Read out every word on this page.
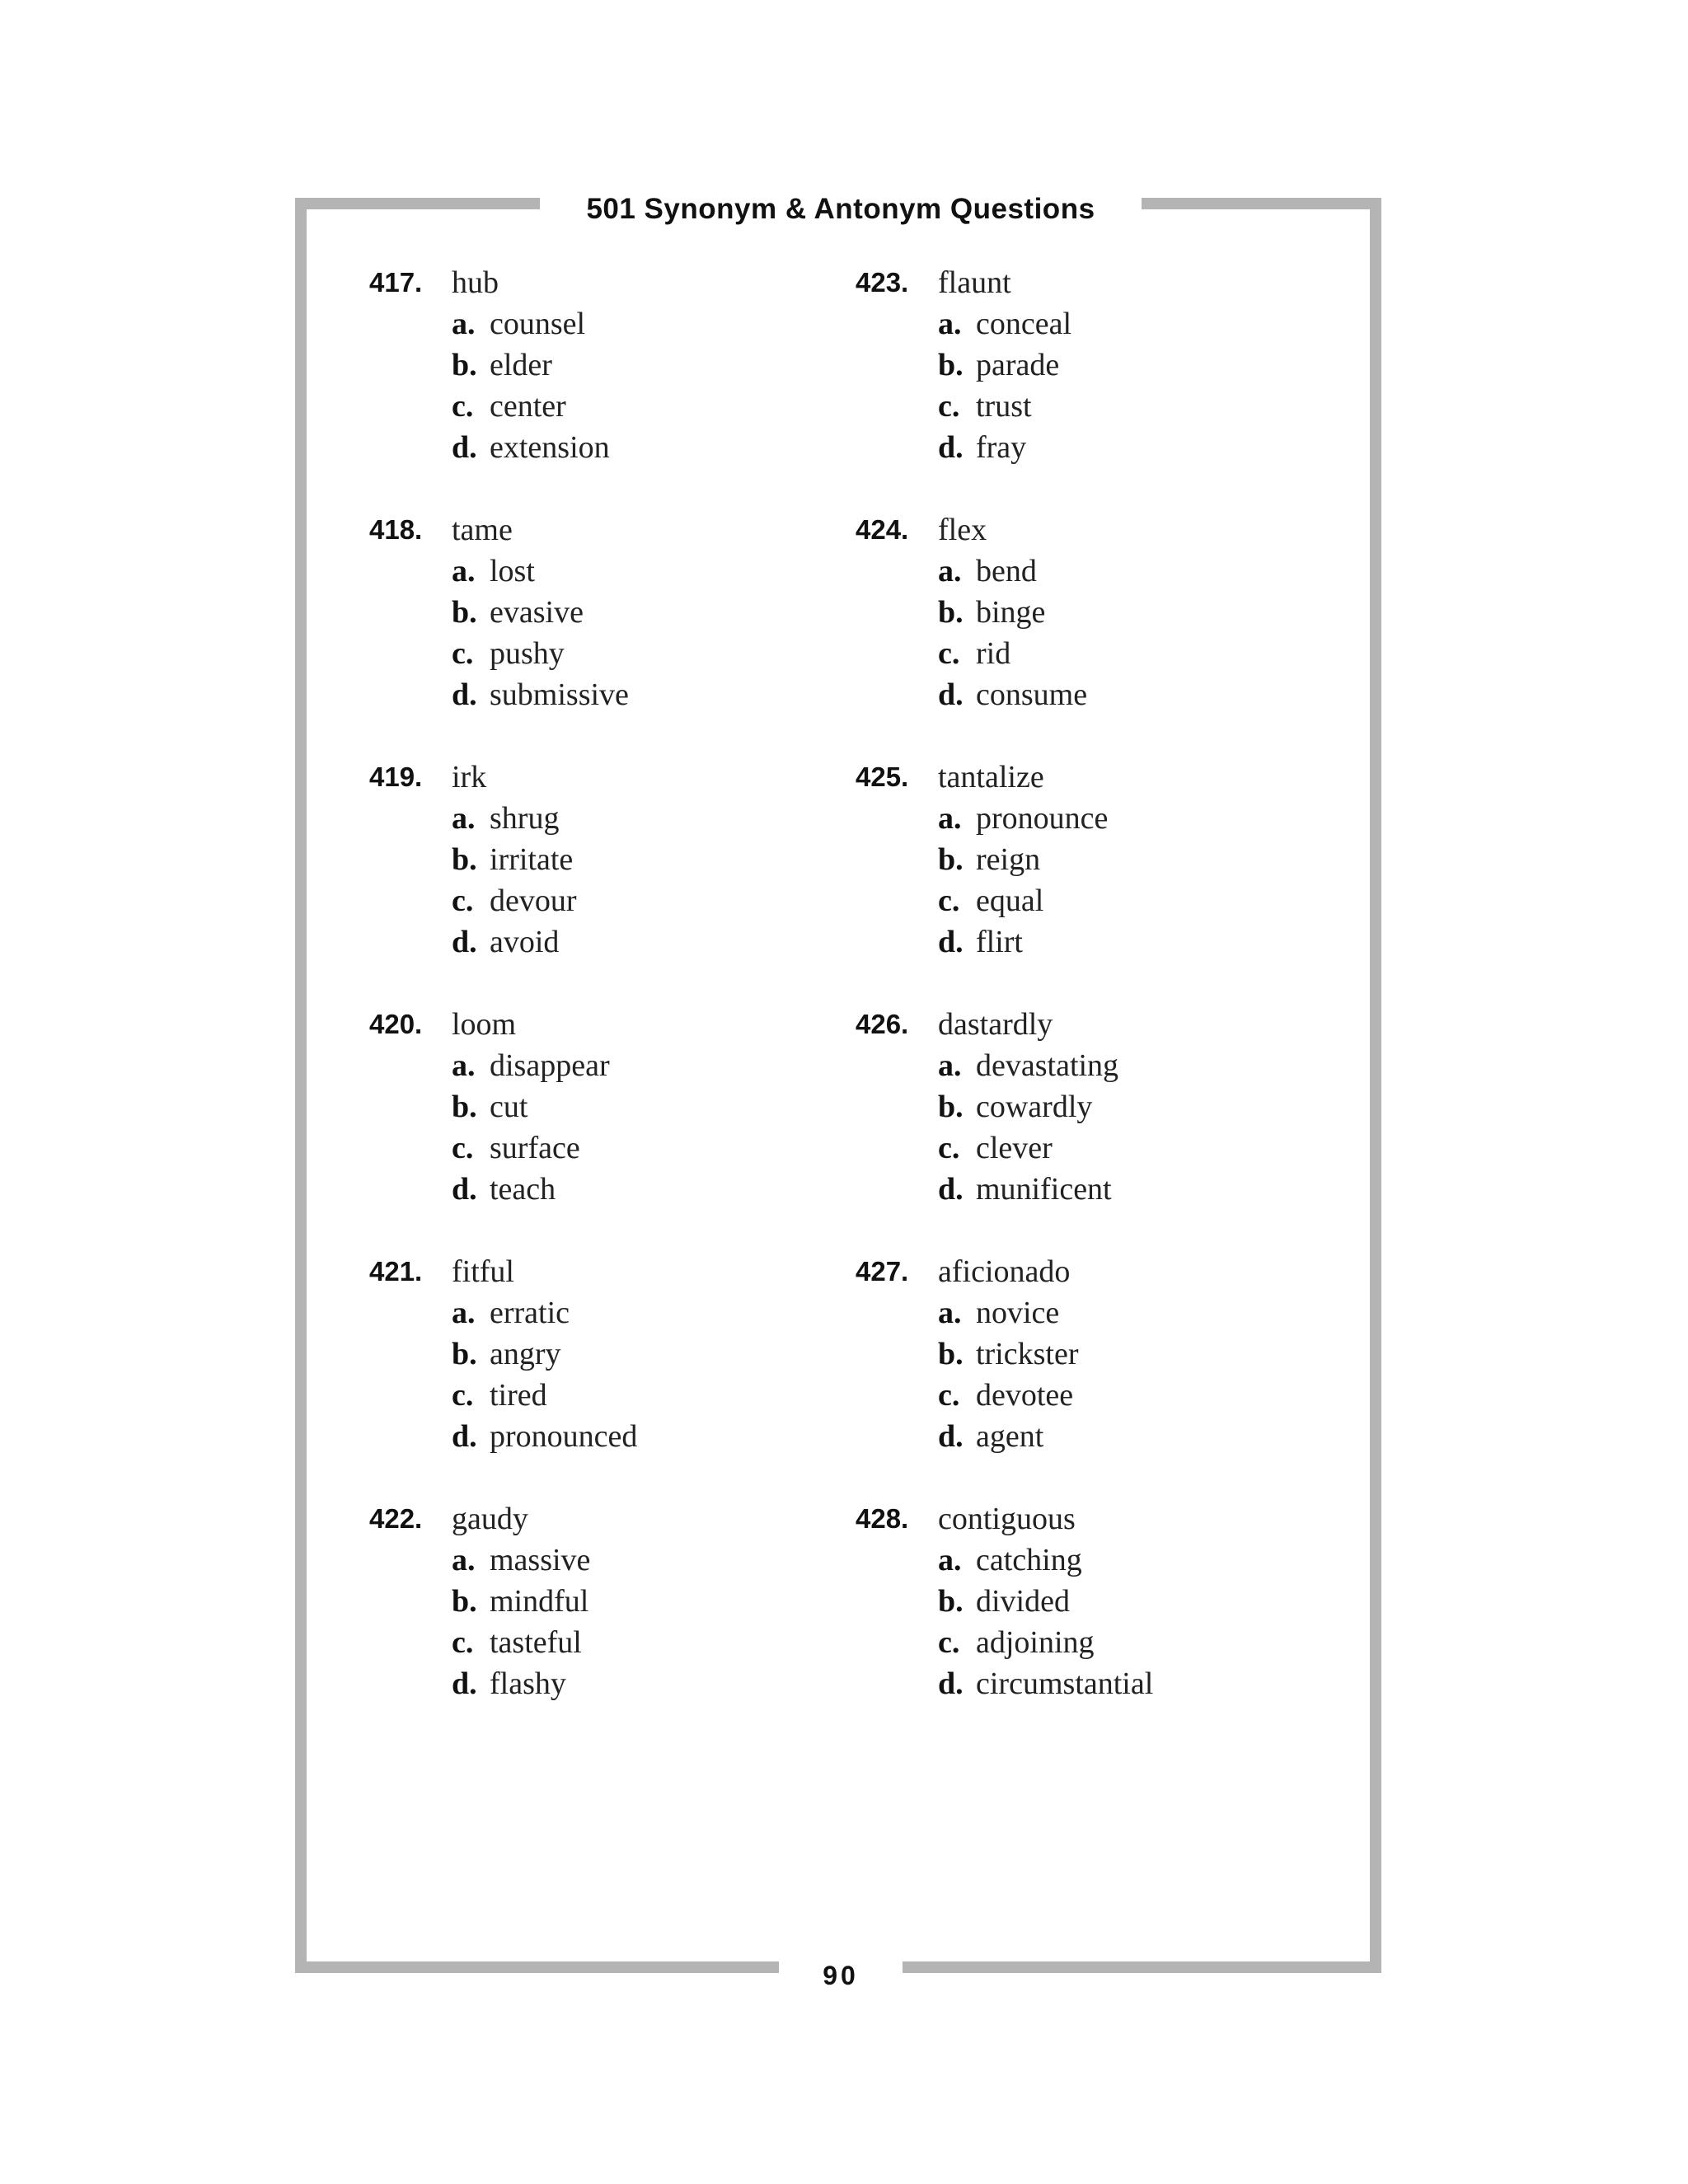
501 Synonym & Antonym Questions
90
417. hub
a. counsel
b. elder
c. center
d. extension
418. tame
a. lost
b. evasive
c. pushy
d. submissive
419. irk
a. shrug
b. irritate
c. devour
d. avoid
420. loom
a. disappear
b. cut
c. surface
d. teach
421. fitful
a. erratic
b. angry
c. tired
d. pronounced
422. gaudy
a. massive
b. mindful
c. tasteful
d. flashy
423. flaunt
a. conceal
b. parade
c. trust
d. fray
424. flex
a. bend
b. binge
c. rid
d. consume
425. tantalize
a. pronounce
b. reign
c. equal
d. flirt
426. dastardly
a. devastating
b. cowardly
c. clever
d. munificent
427. aficionado
a. novice
b. trickster
c. devotee
d. agent
428. contiguous
a. catching
b. divided
c. adjoining
d. circumstantial
